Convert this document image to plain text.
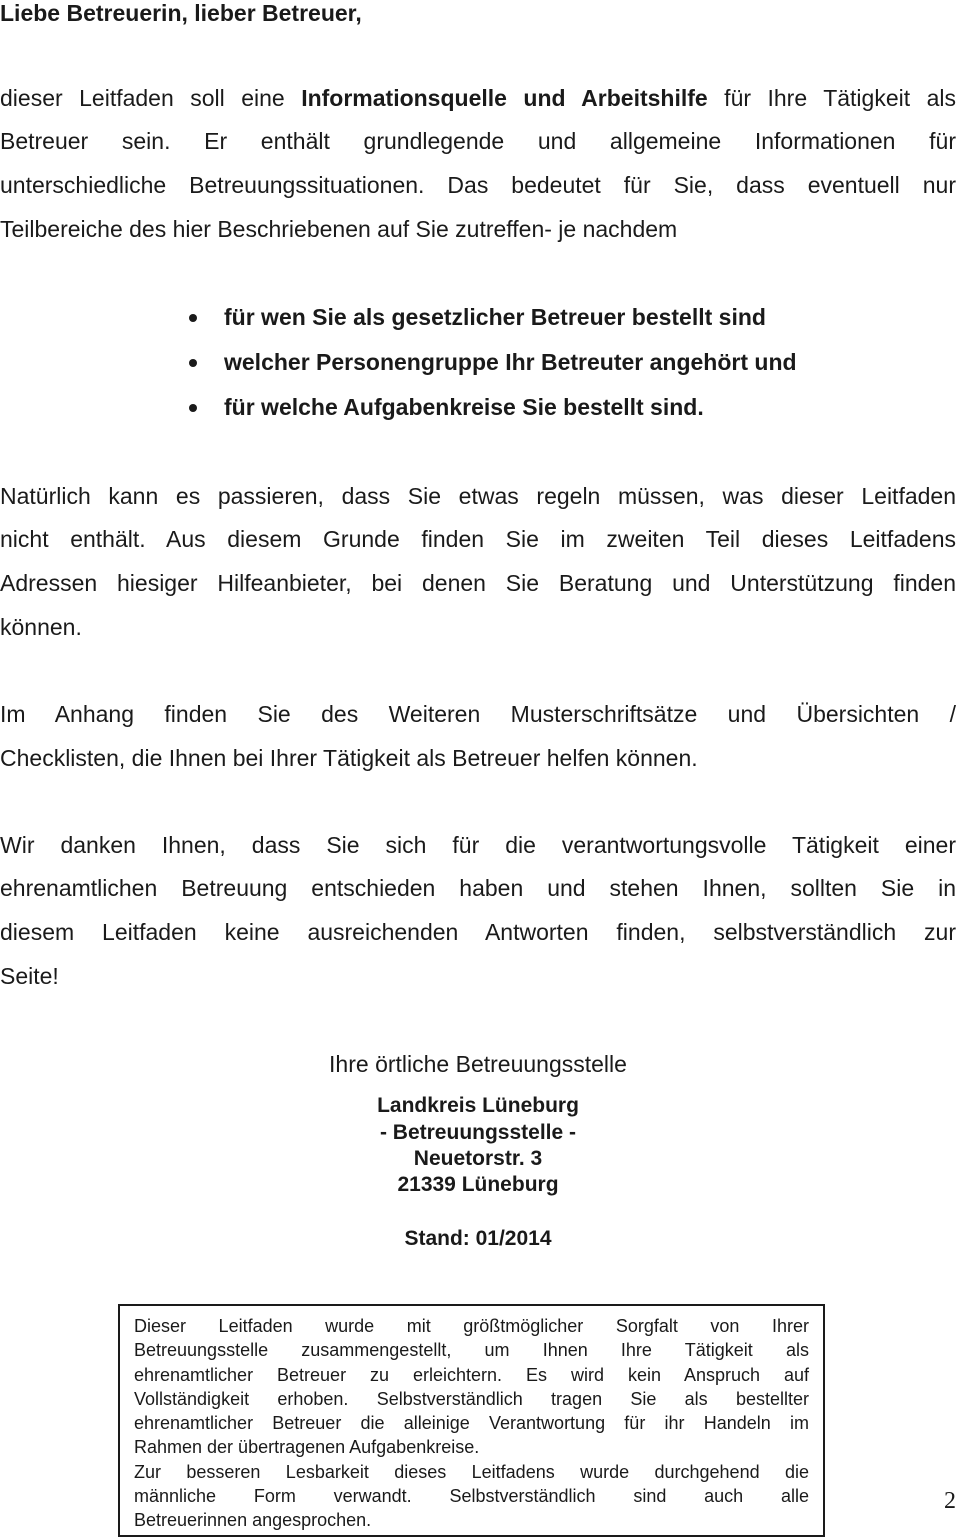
Liebe Betreuerin, lieber Betreuer,
dieser Leitfaden soll eine Informationsquelle und Arbeitshilfe für Ihre Tätigkeit als
Betreuer sein. Er enthält grundlegende und allgemeine Informationen für
unterschiedliche Betreuungssituationen. Das bedeutet für Sie, dass eventuell nur
Teilbereiche des hier Beschriebenen auf Sie zutreffen- je nachdem
für wen Sie als gesetzlicher Betreuer bestellt sind
welcher Personengruppe Ihr Betreuter angehört und
für welche Aufgabenkreise Sie bestellt sind.
Natürlich kann es passieren, dass Sie etwas regeln müssen, was dieser Leitfaden
nicht enthält. Aus diesem Grunde finden Sie im zweiten Teil dieses Leitfadens
Adressen hiesiger Hilfeanbieter, bei denen Sie Beratung und Unterstützung finden
können.
Im Anhang finden Sie des Weiteren Musterschriftsätze und Übersichten /
Checklisten, die Ihnen bei Ihrer Tätigkeit als Betreuer helfen können.
Wir danken Ihnen, dass Sie sich für die verantwortungsvolle Tätigkeit einer
ehrenamtlichen Betreuung entschieden haben und stehen Ihnen, sollten Sie in
diesem Leitfaden keine ausreichenden Antworten finden, selbstverständlich zur
Seite!
Ihre örtliche Betreuungsstelle
Landkreis Lüneburg
- Betreuungsstelle -
Neuetorstr. 3
21339 Lüneburg
Stand: 01/2014
Dieser Leitfaden wurde mit größtmöglicher Sorgfalt von Ihrer
Betreuungsstelle zusammengestellt, um Ihnen Ihre Tätigkeit als
ehrenamtlicher Betreuer zu erleichtern. Es wird kein Anspruch auf
Vollständigkeit erhoben. Selbstverständlich tragen Sie als bestellter
ehrenamtlicher Betreuer die alleinige Verantwortung für ihr Handeln im
Rahmen der übertragenen Aufgabenkreise.
Zur besseren Lesbarkeit dieses Leitfadens wurde durchgehend die
männliche Form verwandt. Selbstverständlich sind auch alle
Betreuerinnen angesprochen.
2
